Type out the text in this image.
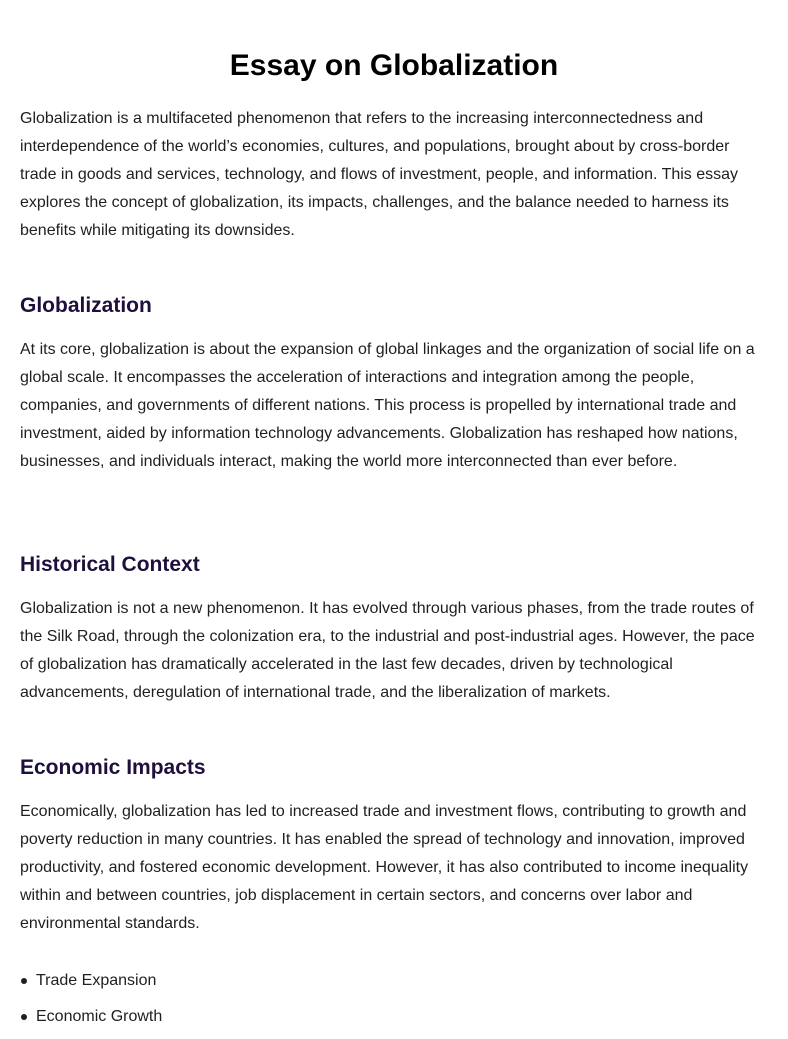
Essay on Globalization

Globalization is a multifaceted phenomenon that refers to the increasing interconnectedness and interdependence of the world’s economies, cultures, and populations, brought about by cross-border trade in goods and services, technology, and flows of investment, people, and information. This essay explores the concept of globalization, its impacts, challenges, and the balance needed to harness its benefits while mitigating its downsides.

Globalization

At its core, globalization is about the expansion of global linkages and the organization of social life on a global scale. It encompasses the acceleration of interactions and integration among the people, companies, and governments of different nations. This process is propelled by international trade and investment, aided by information technology advancements. Globalization has reshaped how nations, businesses, and individuals interact, making the world more interconnected than ever before.

Historical Context

Globalization is not a new phenomenon. It has evolved through various phases, from the trade routes of the Silk Road, through the colonization era, to the industrial and post-industrial ages. However, the pace of globalization has dramatically accelerated in the last few decades, driven by technological advancements, deregulation of international trade, and the liberalization of markets.

Economic Impacts

Economically, globalization has led to increased trade and investment flows, contributing to growth and poverty reduction in many countries. It has enabled the spread of technology and innovation, improved productivity, and fostered economic development. However, it has also contributed to income inequality within and between countries, job displacement in certain sectors, and concerns over labor and environmental standards.

Trade Expansion
Economic Growth
